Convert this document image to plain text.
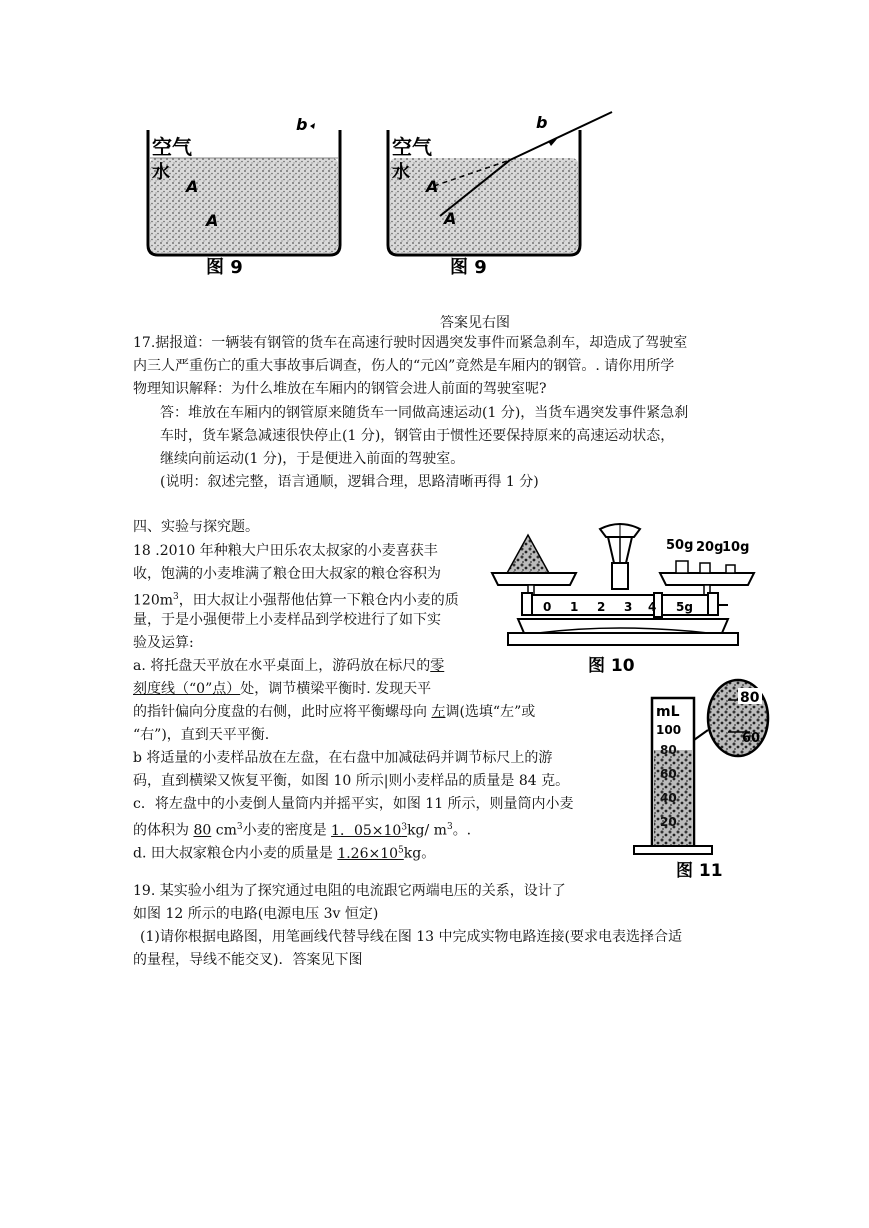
空气
水
b
A
A
图 9
空气
水
b
A
A
图 9
答案见右图
17.据报道：一辆装有钢管的货车在高速行驶时因遇突发事件而紧急刹车，却造成了驾驶室
内三人严重伤亡的重大事故事后调查，伤人的“元凶”竟然是车厢内的钢管。. 请你用所学
物理知识解释：为什么堆放在车厢内的钢管会进人前面的驾驶室呢?
答：堆放在车厢内的钢管原来随货车一同做高速运动(1 分)，当货车遇突发事件紧急刹
车时，货车紧急减速很快停止(1 分)，钢管由于惯性还要保持原来的高速运动状态，
继续向前运动(1 分)，于是便进入前面的驾驶室。
(说明：叙述完整，语言通顺，逻辑合理，思路清晰再得 1 分)
四、实验与探究题。
18 .2010 年种粮大户田乐农太叔家的小麦喜获丰
收，饱满的小麦堆满了粮仓田大叔家的粮仓容积为
$120m^3$，田大叔让小强帮他估算一下粮仓内小麦的质
量，于是小强便带上小麦样品到学校进行了如下实
验及运算:
a. 将托盘天平放在水平桌面上，游码放在标尺的零
刻度线（“0”点）处，调节横梁平衡时. 发现天平
的指针偏向分度盘的右侧，此时应将平衡螺母向 左调(选填“左”或
“右”)，直到天平平衡.
b 将适量的小麦样品放在左盘，在右盘中加减砝码并调节标尺上的游
码，直到横梁又恢复平衡，如图 10 所示|则小麦样品的质量是 84 克。
c．将左盘中的小麦倒人量筒内并摇平实，如图 11 所示，则量筒内小麦
的体积为 80 $cm^3$小麦的密度是 1．$05\times 10^3kg/$ $m^3$。.
d. 田大叔家粮仓内小麦的质量是 $1.26\times 10^5kg$。
50g 20g
10g
0 1 2 3 4 5g
图 10
80
60
mL
100
80
60
40
20
图 11
19. 某实验小组为了探究通过电阻的电流跟它两端电压的关系，设计了
如图 12 所示的电路(电源电压 3v 恒定)
(1)请你根据电路图，用笔画线代替导线在图 13 中完成实物电路连接(要求电表选择合适
的量程，导线不能交叉)．答案见下图
